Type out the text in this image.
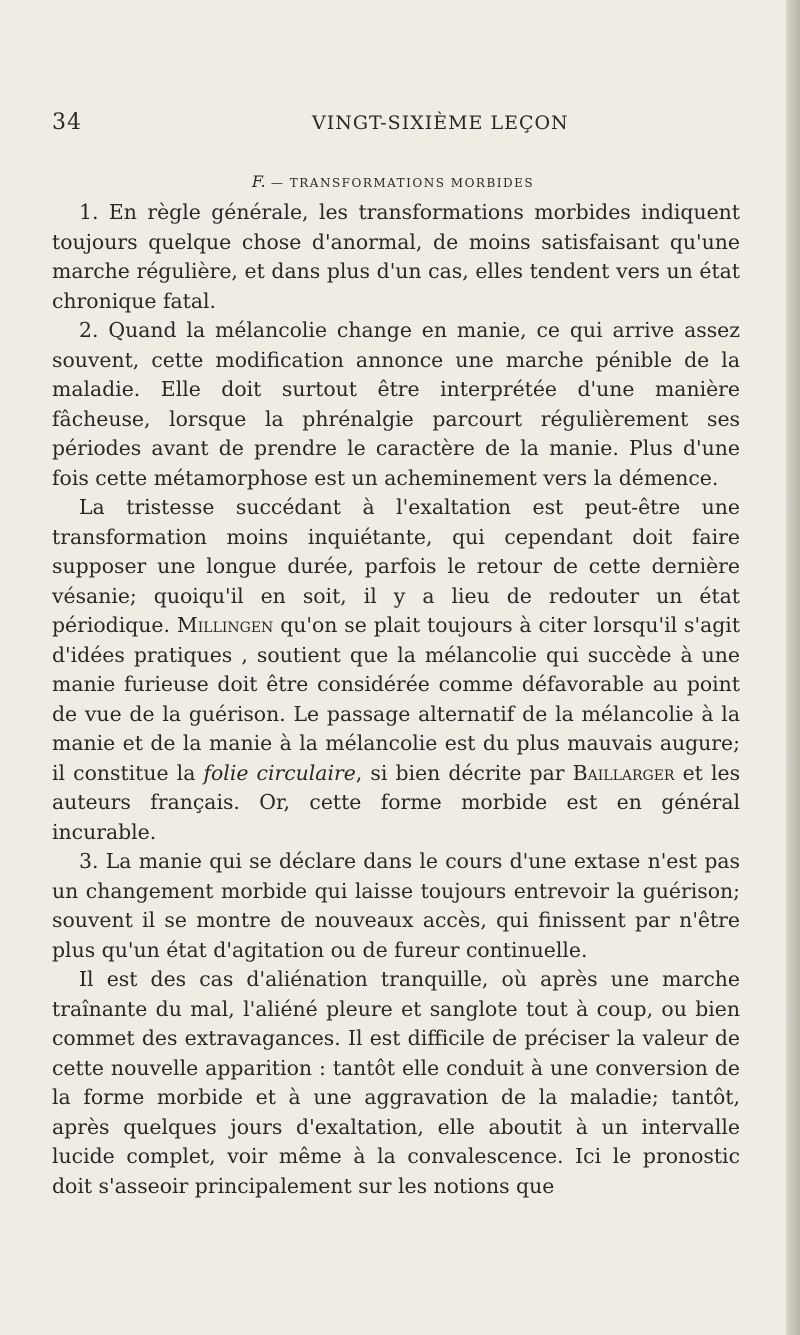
34	VINGT-SIXIÈME LEÇON
F. — TRANSFORMATIONS MORBIDES

1. En règle générale, les transformations morbides indiquent toujours quelque chose d'anormal, de moins satisfaisant qu'une marche régulière, et dans plus d'un cas, elles tendent vers un état chronique fatal.

2. Quand la mélancolie change en manie, ce qui arrive assez souvent, cette modification annonce une marche pénible de la maladie. Elle doit surtout être interprétée d'une manière fâcheuse, lorsque la phrénalgie parcourt régulièrement ses périodes avant de prendre le caractère de la manie. Plus d'une fois cette métamorphose est un acheminement vers la démence.

La tristesse succédant à l'exaltation est peut-être une transformation moins inquiétante, qui cependant doit faire supposer une longue durée, parfois le retour de cette dernière vésanie; quoiqu'il en soit, il y a lieu de redouter un état périodique. Millingen qu'on se plait toujours à citer lorsqu'il s'agit d'idées pratiques , soutient que la mélancolie qui succède à une manie furieuse doit être considérée comme défavorable au point de vue de la guérison. Le passage alternatif de la mélancolie à la manie et de la manie à la mélancolie est du plus mauvais augure; il constitue la folie circulaire, si bien décrite par Baillarger et les auteurs français. Or, cette forme morbide est en général incurable.

3. La manie qui se déclare dans le cours d'une extase n'est pas un changement morbide qui laisse toujours entrevoir la guérison; souvent il se montre de nouveaux accès, qui finissent par n'être plus qu'un état d'agitation ou de fureur continuelle.

Il est des cas d'aliénation tranquille, où après une marche traînante du mal, l'aliéné pleure et sanglote tout à coup, ou bien commet des extravagances. Il est difficile de préciser la valeur de cette nouvelle apparition : tantôt elle conduit à une conversion de la forme morbide et à une aggravation de la maladie; tantôt, après quelques jours d'exaltation, elle aboutit à un intervalle lucide complet, voir même à la convalescence. Ici le pronostic doit s'asseoir principalement sur les notions que
